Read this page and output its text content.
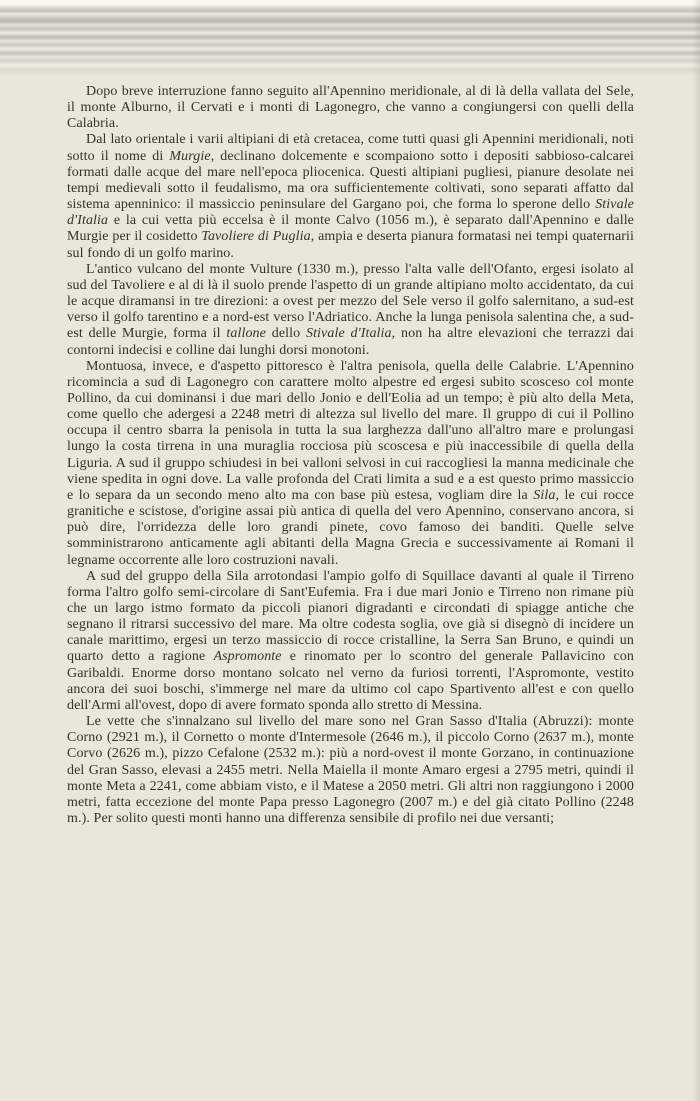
Dopo breve interruzione fanno seguito all'Apennino meridionale, al di là della vallata del Sele, il monte Alburno, il Cervati e i monti di Lagonegro, che vanno a congiungersi con quelli della Calabria.

Dal lato orientale i varii altipiani di età cretacea, come tutti quasi gli Apennini meridionali, noti sotto il nome di Murgie, declinano dolcemente e scompaiono sotto i depositi sabbioso-calcarei formati dalle acque del mare nell'epoca pliocenica. Questi altipiani pugliesi, pianure desolate nei tempi medievali sotto il feudalismo, ma ora sufficientemente coltivati, sono separati affatto dal sistema apenninico: il massiccio peninsulare del Gargano poi, che forma lo sperone dello Stivale d'Italia e la cui vetta più eccelsa è il monte Calvo (1056 m.), è separato dall'Apennino e dalle Murgie per il cosidetto Tavoliere di Puglia, ampia e deserta pianura formatasi nei tempi quaternarii sul fondo di un golfo marino.

L'antico vulcano del monte Vulture (1330 m.), presso l'alta valle dell'Ofanto, ergesi isolato al sud del Tavoliere e al di là il suolo prende l'aspetto di un grande altipiano molto accidentato, da cui le acque diramansi in tre direzioni: a ovest per mezzo del Sele verso il golfo salernitano, a sud-est verso il golfo tarentino e a nord-est verso l'Adriatico. Anche la lunga penisola salentina che, a sud-est delle Murgie, forma il tallone dello Stivale d'Italia, non ha altre elevazioni che terrazzi dai contorni indecisi e colline dai lunghi dorsi monotoni.

Montuosa, invece, e d'aspetto pittoresco è l'altra penisola, quella delle Calabrie. L'Apennino ricomincia a sud di Lagonegro con carattere molto alpestre ed ergesi subito scosceso col monte Pollino, da cui dominansi i due mari dello Jonio e dell'Eolia ad un tempo; è più alto della Meta, come quello che adergesi a 2248 metri di altezza sul livello del mare. Il gruppo di cui il Pollino occupa il centro sbarra la penisola in tutta la sua larghezza dall'uno all'altro mare e prolungasi lungo la costa tirrena in una muraglia rocciosa più scoscesa e più inaccessibile di quella della Liguria. A sud il gruppo schiudesi in bei valloni selvosi in cui raccogliesi la manna medicinale che viene spedita in ogni dove. La valle profonda del Crati limita a sud e a est questo primo massiccio e lo separa da un secondo meno alto ma con base più estesa, vogliam dire la Sila, le cui rocce granitiche e scistose, d'origine assai più antica di quella del vero Apennino, conservano ancora, si può dire, l'orridezza delle loro grandi pinete, covo famoso dei banditi. Quelle selve somministrarono anticamente agli abitanti della Magna Grecia e successivamente ai Romani il legname occorrente alle loro costruzioni navali.

A sud del gruppo della Sila arrotondasi l'ampio golfo di Squillace davanti al quale il Tirreno forma l'altro golfo semi-circolare di Sant'Eufemia. Fra i due mari Jonio e Tirreno non rimane più che un largo istmo formato da piccoli pianori digradanti e circondati di spiagge antiche che segnano il ritrarsi successivo del mare. Ma oltre codesta soglia, ove già si disegnò di incidere un canale marittimo, ergesi un terzo massiccio di rocce cristalline, la Serra San Bruno, e quindi un quarto detto a ragione Aspromonte e rinomato per lo scontro del generale Pallavicino con Garibaldi. Enorme dorso montano solcato nel verno da furiosi torrenti, l'Aspromonte, vestito ancora dei suoi boschi, s'immerge nel mare da ultimo col capo Spartivento all'est e con quello dell'Armi all'ovest, dopo di avere formato sponda allo stretto di Messina.

Le vette che s'innalzano sul livello del mare sono nel Gran Sasso d'Italia (Abruzzi): monte Corno (2921 m.), il Cornetto o monte d'Intermesole (2646 m.), il piccolo Corno (2637 m.), monte Corvo (2626 m.), pizzo Cefalone (2532 m.): più a nord-ovest il monte Gorzano, in continuazione del Gran Sasso, elevasi a 2455 metri. Nella Maiella il monte Amaro ergesi a 2795 metri, quindi il monte Meta a 2241, come abbiam visto, e il Matese a 2050 metri. Gli altri non raggiungono i 2000 metri, fatta eccezione del monte Papa presso Lagonegro (2007 m.) e del già citato Pollino (2248 m.). Per solito questi monti hanno una differenza sensibile di profilo nei due versanti;
